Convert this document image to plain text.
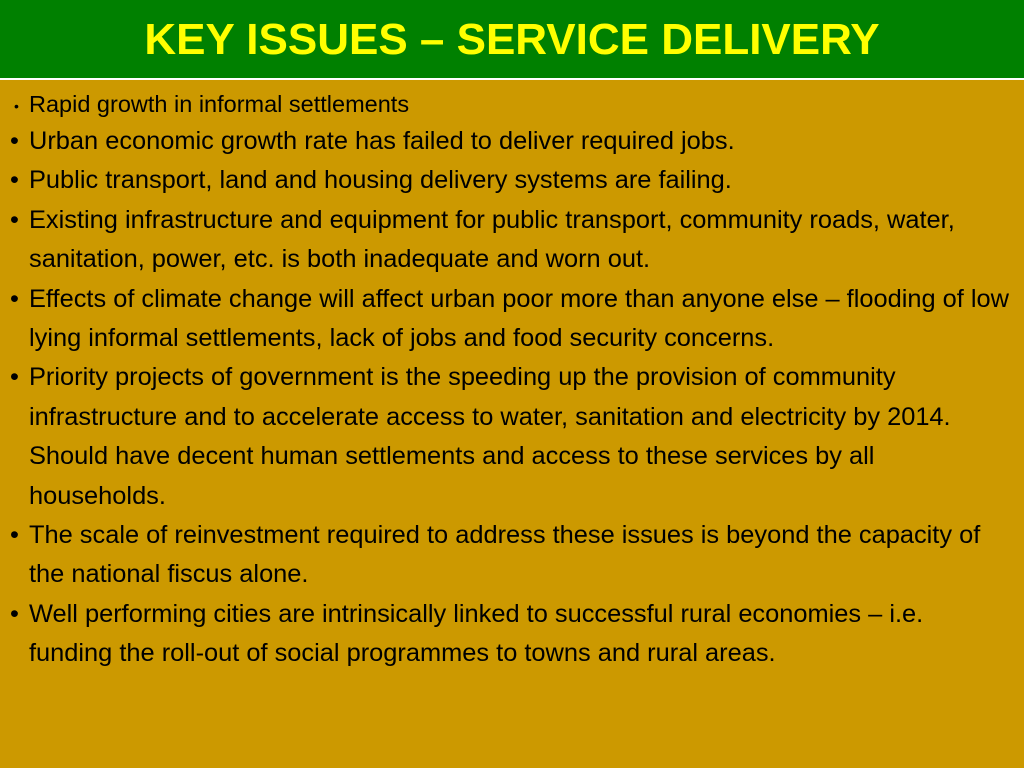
KEY ISSUES – SERVICE DELIVERY
• Rapid growth in informal settlements
• Urban economic growth rate has failed to deliver required jobs.
• Public transport, land and housing delivery systems are failing.
• Existing infrastructure and equipment for public transport, community roads, water, sanitation, power, etc. is both inadequate and worn out.
• Effects of climate change will affect urban poor more than anyone else – flooding of low lying informal settlements, lack of jobs and food security concerns.
• Priority projects of government is the speeding up the provision of community infrastructure and to accelerate access to water, sanitation and electricity by 2014. Should have decent human settlements and access to these services by all households.
• The scale of reinvestment required to address these issues is beyond the capacity of the national fiscus alone.
• Well performing cities are intrinsically linked to successful rural economies – i.e. funding the roll-out of social programmes to towns and rural areas.
